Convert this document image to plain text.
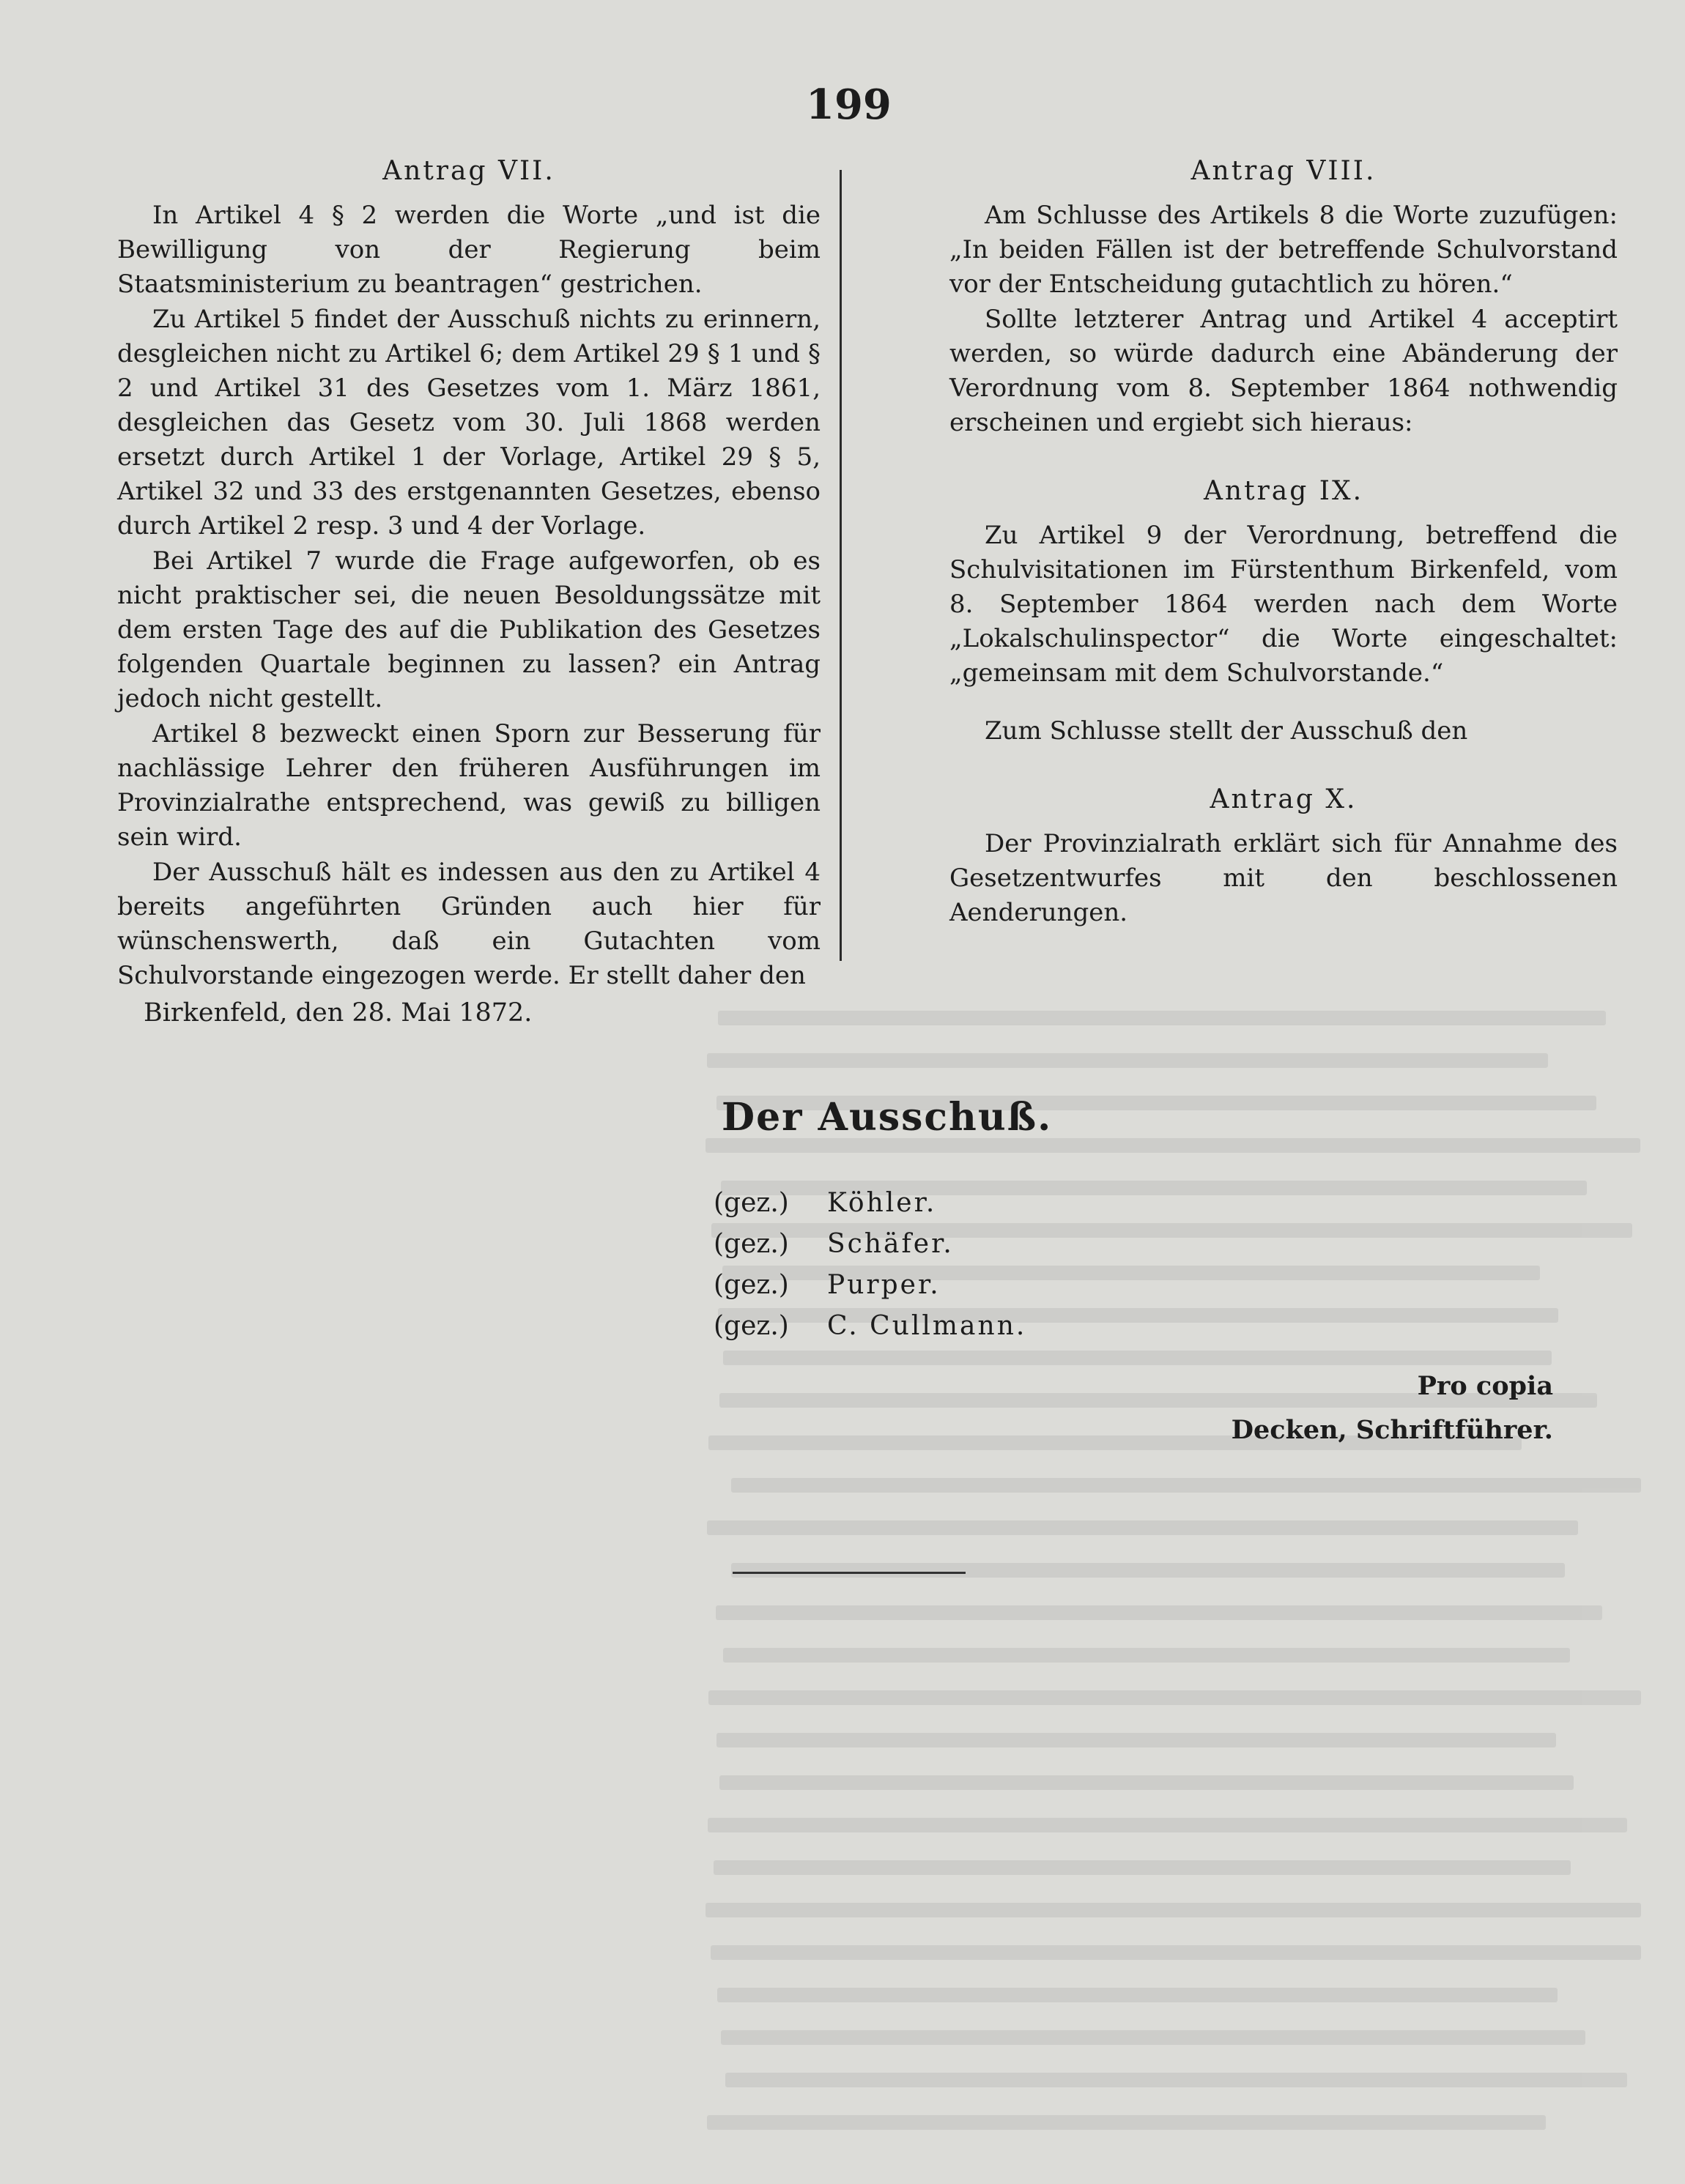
199
Antrag VII.

In Artikel 4 § 2 werden die Worte „und ist die Bewilligung von der Regierung beim Staatsministerium zu beantragen“ gestrichen.

Zu Artikel 5 findet der Ausschuß nichts zu erinnern, desgleichen nicht zu Artikel 6; dem Artikel 29 § 1 und § 2 und Artikel 31 des Gesetzes vom 1. März 1861, desgleichen das Gesetz vom 30. Juli 1868 werden ersetzt durch Artikel 1 der Vorlage, Artikel 29 § 5, Artikel 32 und 33 des erstgenannten Gesetzes, ebenso durch Artikel 2 resp. 3 und 4 der Vorlage.

Bei Artikel 7 wurde die Frage aufgeworfen, ob es nicht praktischer sei, die neuen Besoldungssätze mit dem ersten Tage des auf die Publikation des Gesetzes folgenden Quartale beginnen zu lassen? ein Antrag jedoch nicht gestellt.

Artikel 8 bezweckt einen Sporn zur Besserung für nachlässige Lehrer den früheren Ausführungen im Provinzialrathe entsprechend, was gewiß zu billigen sein wird.

Der Ausschuß hält es indessen aus den zu Artikel 4 bereits angeführten Gründen auch hier für wünschenswerth, daß ein Gutachten vom Schulvorstande eingezogen werde. Er stellt daher den

Antrag VIII.

Am Schlusse des Artikels 8 die Worte zuzufügen: „In beiden Fällen ist der betreffende Schulvorstand vor der Entscheidung gutachtlich zu hören.“

Sollte letzterer Antrag und Artikel 4 acceptirt werden, so würde dadurch eine Abänderung der Verordnung vom 8. September 1864 nothwendig erscheinen und ergiebt sich hieraus:

Antrag IX.

Zu Artikel 9 der Verordnung, betreffend die Schulvisitationen im Fürstenthum Birkenfeld, vom 8. September 1864 werden nach dem Worte „Lokalschulinspector“ die Worte eingeschaltet: „gemeinsam mit dem Schulvorstande.“

Zum Schlusse stellt der Ausschuß den

Antrag X.

Der Provinzialrath erklärt sich für Annahme des Gesetzentwurfes mit den beschlossenen Aenderungen.

Birkenfeld, den 28. Mai 1872.
Der Ausschuß.
(gez.)	Köhler.
(gez.)	Schäfer.
(gez.)	Purper.
(gez.)	C. Cullmann.
Pro copia
Decken, Schriftführer.
